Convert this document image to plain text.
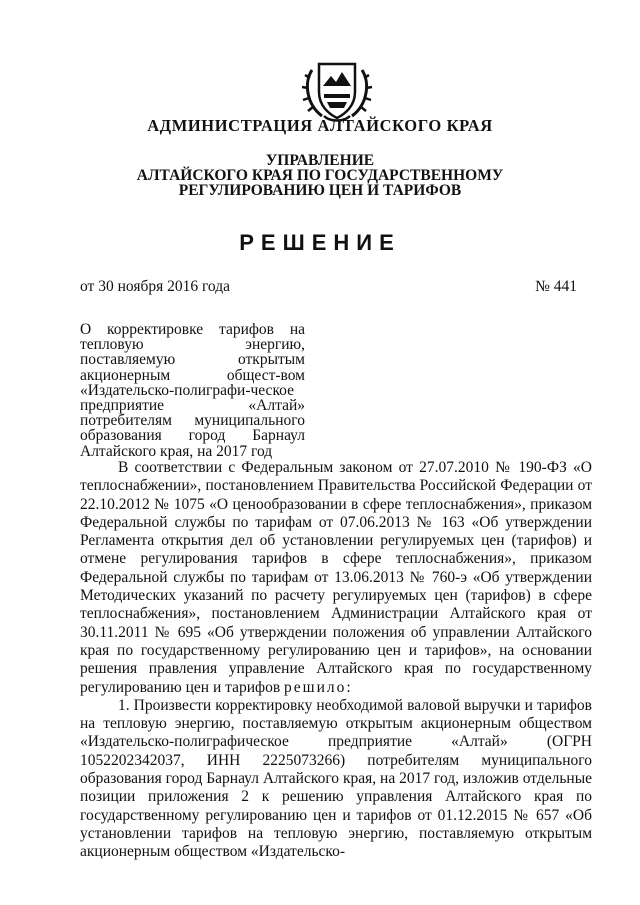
АДМИНИСТРАЦИЯ АЛТАЙСКОГО КРАЯ
УПРАВЛЕНИЕ
АЛТАЙСКОГО КРАЯ ПО ГОСУДАРСТВЕННОМУ
РЕГУЛИРОВАНИЮ ЦЕН И ТАРИФОВ
РЕШЕНИЕ
от 30 ноября 2016 года	№ 441
О корректировке тарифов на тепловую энергию, поставляемую открытым акционерным общест-вом «Издательско-полиграфи-ческое предприятие «Алтай» потребителям муниципального образования город Барнаул
Алтайского края, на 2017 год

В соответствии с Федеральным законом от 27.07.2010 № 190-ФЗ «О теплоснабжении», постановлением Правительства Российской Федерации от 22.10.2012 № 1075 «О ценообразовании в сфере теплоснабжения», приказом Федеральной службы по тарифам от 07.06.2013 № 163 «Об утверждении Регламента открытия дел об установлении регулируемых цен (тарифов) и отмене регулирования тарифов в сфере теплоснабжения», приказом Федеральной службы по тарифам от 13.06.2013 № 760-э «Об утверждении Методических указаний по расчету регулируемых цен (тарифов) в сфере теплоснабжения», постановлением Администрации Алтайского края от 30.11.2011 № 695 «Об утверждении положения об управлении Алтайского края по государственному регулированию цен и тарифов», на основании решения правления управление Алтайского края по государственному регулированию цен и тарифов решило:

1. Произвести корректировку необходимой валовой выручки и тарифов на тепловую энергию, поставляемую открытым акционерным обществом «Издательско-полиграфическое предприятие «Алтай» (ОГРН 1052202342037, ИНН 2225073266) потребителям муниципального образования город Барнаул Алтайского края, на 2017 год, изложив отдельные позиции приложения 2 к решению управления Алтайского края по государственному регулированию цен и тарифов от 01.12.2015 № 657 «Об установлении тарифов на тепловую энергию, поставляемую открытым акционерным обществом «Издательско-
